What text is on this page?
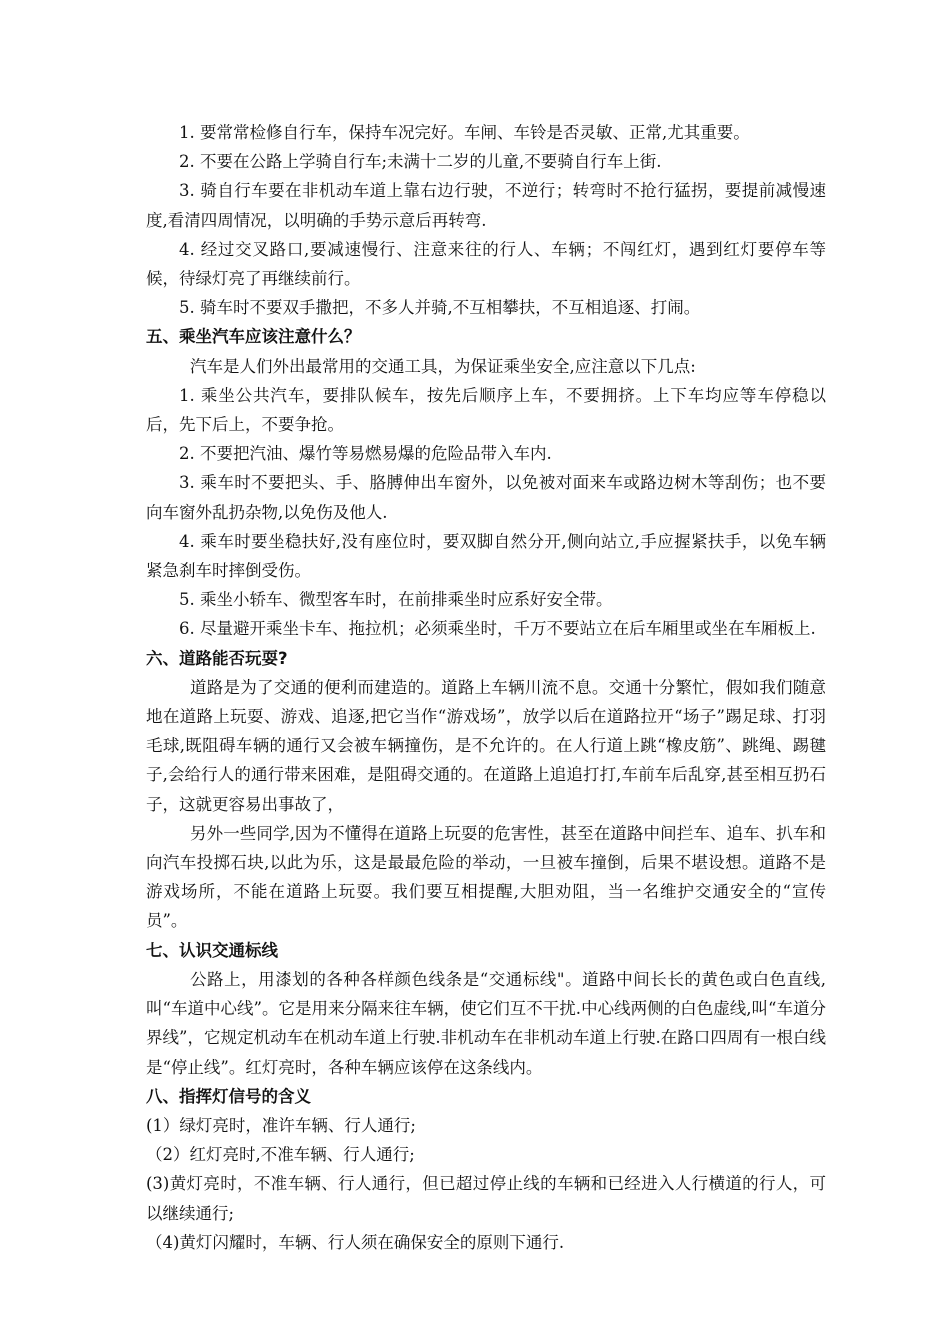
1. 要常常检修自行车，保持车况完好。车闸、车铃是否灵敏、正常,尤其重要。

2. 不要在公路上学骑自行车;未满十二岁的儿童,不要骑自行车上街.

3. 骑自行车要在非机动车道上靠右边行驶，不逆行；转弯时不抢行猛拐，要提前减慢速度,看清四周情况，以明确的手势示意后再转弯.

4. 经过交叉路口,要减速慢行、注意来往的行人、车辆；不闯红灯，遇到红灯要停车等候，待绿灯亮了再继续前行。

5. 骑车时不要双手撒把，不多人并骑,不互相攀扶，不互相追逐、打闹。

五、乘坐汽车应该注意什么？

汽车是人们外出最常用的交通工具，为保证乘坐安全,应注意以下几点:

1. 乘坐公共汽车，要排队候车，按先后顺序上车，不要拥挤。上下车均应等车停稳以后，先下后上，不要争抢。

2. 不要把汽油、爆竹等易燃易爆的危险品带入车内.

3. 乘车时不要把头、手、胳膊伸出车窗外，以免被对面来车或路边树木等刮伤；也不要向车窗外乱扔杂物,以免伤及他人.

4. 乘车时要坐稳扶好,没有座位时，要双脚自然分开,侧向站立,手应握紧扶手，以免车辆紧急刹车时摔倒受伤。

5. 乘坐小轿车、微型客车时，在前排乘坐时应系好安全带。

6. 尽量避开乘坐卡车、拖拉机；必须乘坐时，千万不要站立在后车厢里或坐在车厢板上.

六、道路能否玩耍?

道路是为了交通的便利而建造的。道路上车辆川流不息。交通十分繁忙，假如我们随意地在道路上玩耍、游戏、追逐,把它当作“游戏场”，放学以后在道路拉开“场子”踢足球、打羽毛球,既阻碍车辆的通行又会被车辆撞伤，是不允许的。在人行道上跳“橡皮筋”、跳绳、踢毽子,会给行人的通行带来困难，是阻碍交通的。在道路上追追打打,车前车后乱穿,甚至相互扔石子，这就更容易出事故了，

另外一些同学,因为不懂得在道路上玩耍的危害性，甚至在道路中间拦车、追车、扒车和向汽车投掷石块,以此为乐，这是最最危险的举动，一旦被车撞倒，后果不堪设想。道路不是游戏场所，不能在道路上玩耍。我们要互相提醒,大胆劝阻，当一名维护交通安全的“宣传员”。

七、认识交通标线

公路上，用漆划的各种各样颜色线条是“交通标线"。道路中间长长的黄色或白色直线,叫“车道中心线”。它是用来分隔来往车辆，使它们互不干扰.中心线两侧的白色虚线,叫“车道分界线”，它规定机动车在机动车道上行驶.非机动车在非机动车道上行驶.在路口四周有一根白线是“停止线”。红灯亮时，各种车辆应该停在这条线内。

八、指挥灯信号的含义

(1）绿灯亮时，准许车辆、行人通行;

（2）红灯亮时,不准车辆、行人通行;

(3)黄灯亮时，不准车辆、行人通行，但已超过停止线的车辆和已经进入人行横道的行人，可以继续通行;

（4)黄灯闪耀时，车辆、行人须在确保安全的原则下通行.
